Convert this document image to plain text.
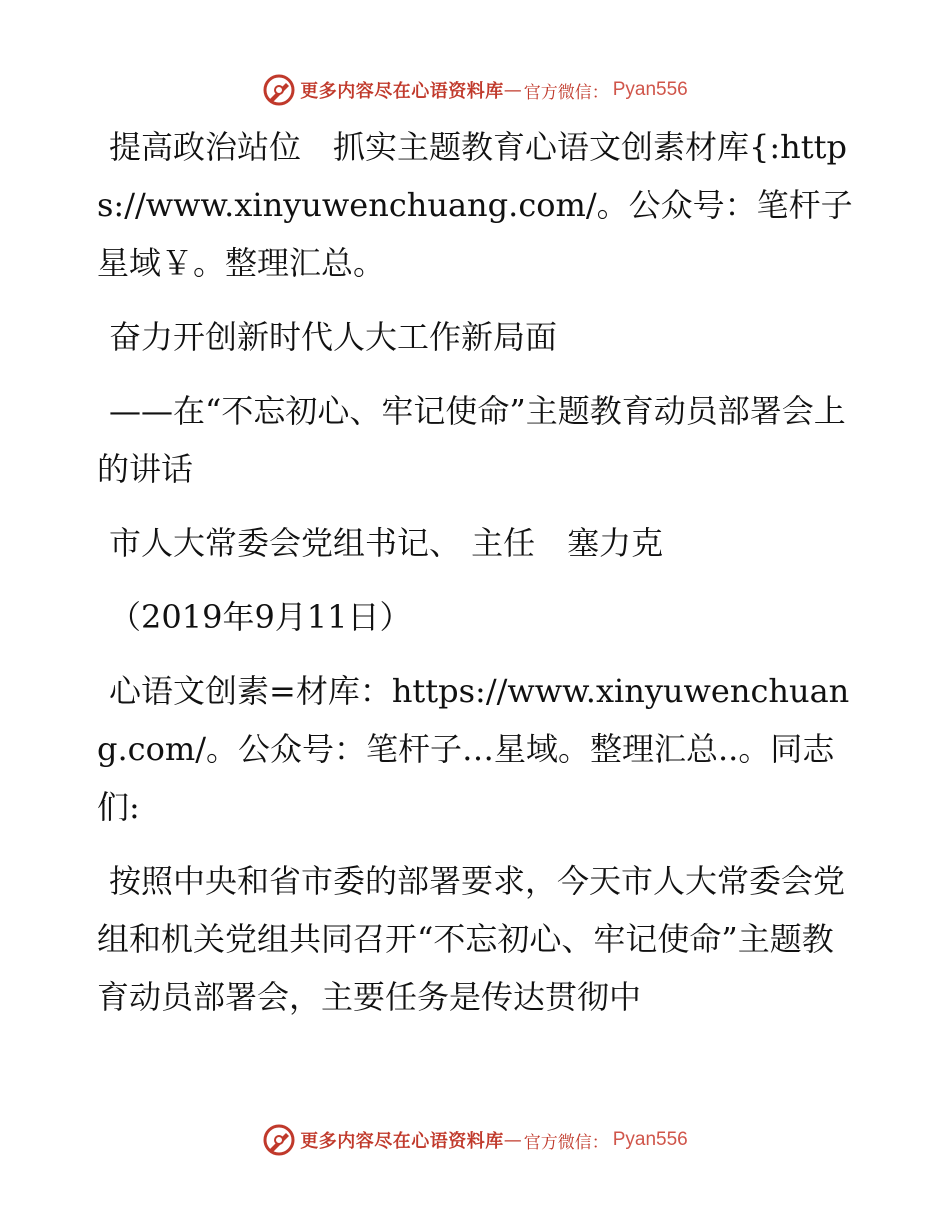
更多内容尽在心语资料库 — 官方微信： Pyan556

提高政治站位　抓实主题教育心语文创素材库{:https://www.xinyuwenchuang.com/。公众号：笔杆子星域￥。整理汇总。

奋力开创新时代人大工作新局面

——在“不忘初心、牢记使命”主题教育动员部署会上的讲话

市人大常委会党组书记、 主任　塞力克

（2019年9月11日）

心语文创素=材库：https://www.xinyuwenchuang.com/。公众号：笔杆子…星域。整理汇总..。同志们:

按照中央和省市委的部署要求，今天市人大常委会党组和机关党组共同召开“不忘初心、牢记使命”主题教育动员部署会，主要任务是传达贯彻中

更多内容尽在心语资料库 — 官方微信： Pyan556
